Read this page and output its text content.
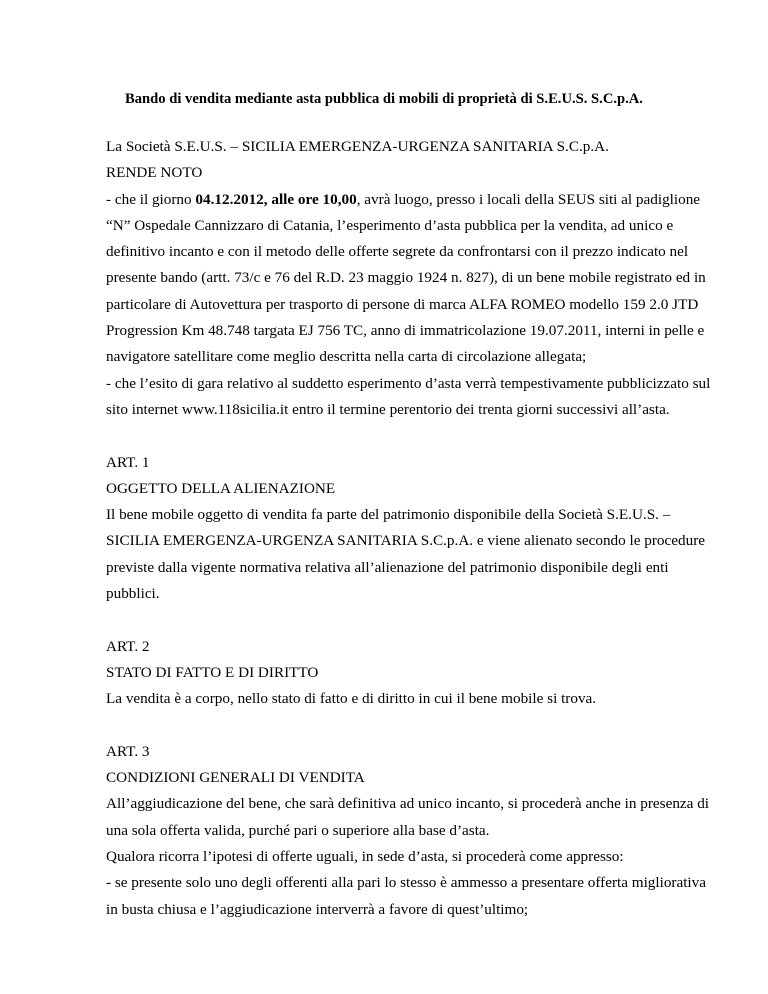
Bando di vendita mediante asta pubblica di mobili di proprietà di S.E.U.S. S.C.p.A.
La Società S.E.U.S. – SICILIA EMERGENZA-URGENZA SANITARIA S.C.p.A.
RENDE NOTO
- che il giorno 04.12.2012, alle ore 10,00, avrà luogo, presso i locali della SEUS siti al padiglione
“N” Ospedale Cannizzaro di Catania, l’esperimento d’asta pubblica per la vendita, ad unico e
definitivo incanto e con il metodo delle offerte segrete da confrontarsi con il prezzo indicato nel
presente bando (artt. 73/c e 76 del R.D. 23 maggio 1924 n. 827), di un bene mobile registrato ed in
particolare di Autovettura per trasporto di persone di marca ALFA ROMEO modello 159 2.0 JTD
Progression Km 48.748 targata EJ 756 TC, anno di immatricolazione 19.07.2011, interni in pelle e
navigatore satellitare come meglio descritta nella carta di circolazione allegata;
- che l’esito di gara relativo al suddetto esperimento d’asta verrà tempestivamente pubblicizzato sul
sito internet www.118sicilia.it entro il termine perentorio dei trenta giorni successivi all’asta.
ART. 1
OGGETTO DELLA ALIENAZIONE
Il bene mobile oggetto di vendita fa parte del patrimonio disponibile della Società S.E.U.S. –
SICILIA EMERGENZA-URGENZA SANITARIA S.C.p.A. e viene alienato secondo le procedure
previste dalla vigente normativa relativa all’alienazione del patrimonio disponibile degli enti
pubblici.
ART. 2
STATO DI FATTO E DI DIRITTO
La vendita è a corpo, nello stato di fatto e di diritto in cui il bene mobile si trova.
ART. 3
CONDIZIONI GENERALI DI VENDITA
All’aggiudicazione del bene, che sarà definitiva ad unico incanto, si procederà anche in presenza di
una sola offerta valida, purché pari o superiore alla base d’asta.
Qualora ricorra l’ipotesi di offerte uguali, in sede d’asta, si procederà come appresso:
- se presente solo uno degli offerenti alla pari lo stesso è ammesso a presentare offerta migliorativa
in busta chiusa e l’aggiudicazione interverrà a favore di quest’ultimo;
